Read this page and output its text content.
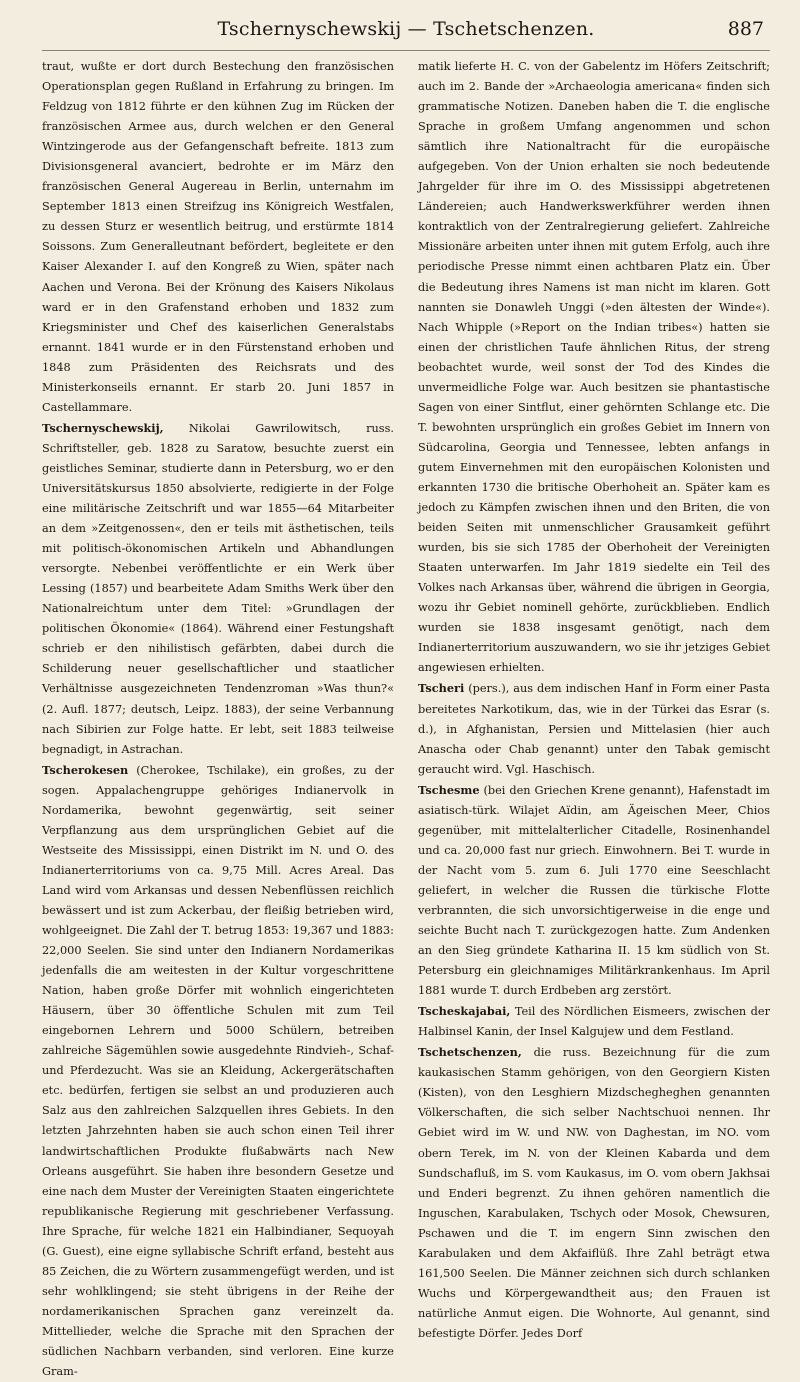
Tschernyschewskij — Tschetschenzen.	887

traut, wußte er dort durch Bestechung den französischen Operationsplan gegen Rußland in Erfahrung zu bringen. Im Feldzug von 1812 führte er den kühnen Zug im Rücken der französischen Armee aus, durch welchen er den General Wintzingerode aus der Gefangenschaft befreite. 1813 zum Divisionsgeneral avanciert, bedrohte er im März den französischen General Augereau in Berlin, unternahm im September 1813 einen Streifzug ins Königreich Westfalen, zu dessen Sturz er wesentlich beitrug, und erstürmte 1814 Soissons. Zum Generalleutnant befördert, begleitete er den Kaiser Alexander I. auf den Kongreß zu Wien, später nach Aachen und Verona. Bei der Krönung des Kaisers Nikolaus ward er in den Grafenstand erhoben und 1832 zum Kriegsminister und Chef des kaiserlichen Generalstabs ernannt. 1841 wurde er in den Fürstenstand erhoben und 1848 zum Präsidenten des Reichsrats und des Ministerkonseils ernannt. Er starb 20. Juni 1857 in Castellammare.

Tschernyschewskij, Nikolai Gawrilowitsch, russ. Schriftsteller, geb. 1828 zu Saratow, besuchte zuerst ein geistliches Seminar, studierte dann in Petersburg, wo er den Universitätskursus 1850 absolvierte, redigierte in der Folge eine militärische Zeitschrift und war 1855—64 Mitarbeiter an dem »Zeitgenossen«, den er teils mit ästhetischen, teils mit politisch-ökonomischen Artikeln und Abhandlungen versorgte. Nebenbei veröffentlichte er ein Werk über Lessing (1857) und bearbeitete Adam Smiths Werk über den Nationalreichtum unter dem Titel: »Grundlagen der politischen Ökonomie« (1864). Während einer Festungshaft schrieb er den nihilistisch gefärbten, dabei durch die Schilderung neuer gesellschaftlicher und staatlicher Verhältnisse ausgezeichneten Tendenzroman »Was thun?« (2. Aufl. 1877; deutsch, Leipz. 1883), der seine Verbannung nach Sibirien zur Folge hatte. Er lebt, seit 1883 teilweise begnadigt, in Astrachan.

Tscherokesen (Cherokee, Tschilake), ein großes, zu der sogen. Appalachengruppe gehöriges Indianervolk in Nordamerika, bewohnt gegenwärtig, seit seiner Verpflanzung aus dem ursprünglichen Gebiet auf die Westseite des Mississippi, einen Distrikt im N. und O. des Indianerterritoriums von ca. 9,75 Mill. Acres Areal. Das Land wird vom Arkansas und dessen Nebenflüssen reichlich bewässert und ist zum Ackerbau, der fleißig betrieben wird, wohlgeeignet. Die Zahl der T. betrug 1853: 19,367 und 1883: 22,000 Seelen. Sie sind unter den Indianern Nordamerikas jedenfalls die am weitesten in der Kultur vorgeschrittene Nation, haben große Dörfer mit wohnlich eingerichteten Häusern, über 30 öffentliche Schulen mit zum Teil eingebornen Lehrern und 5000 Schülern, betreiben zahlreiche Sägemühlen sowie ausgedehnte Rindvieh-, Schaf- und Pferdezucht. Was sie an Kleidung, Ackergerätschaften etc. bedürfen, fertigen sie selbst an und produzieren auch Salz aus den zahlreichen Salzquellen ihres Gebiets. In den letzten Jahrzehnten haben sie auch schon einen Teil ihrer landwirtschaftlichen Produkte flußabwärts nach New Orleans ausgeführt. Sie haben ihre besondern Gesetze und eine nach dem Muster der Vereinigten Staaten eingerichtete republikanische Regierung mit geschriebener Verfassung. Ihre Sprache, für welche 1821 ein Halbindianer, Sequoyah (G. Guest), eine eigne syllabische Schrift erfand, besteht aus 85 Zeichen, die zu Wörtern zusammengefügt werden, und ist sehr wohlklingend; sie steht übrigens in der Reihe der nordamerikanischen Sprachen ganz vereinzelt da. Mittellieder, welche die Sprache mit den Sprachen der südlichen Nachbarn verbanden, sind verloren. Eine kurze Gram-

matik lieferte H. C. von der Gabelentz im Höfers Zeitschrift; auch im 2. Bande der »Archaeologia americana« finden sich grammatische Notizen. Daneben haben die T. die englische Sprache in großem Umfang angenommen und schon sämtlich ihre Nationaltracht für die europäische aufgegeben. Von der Union erhalten sie noch bedeutende Jahrgelder für ihre im O. des Mississippi abgetretenen Ländereien; auch Handwerkswerkführer werden ihnen kontraktlich von der Zentralregierung geliefert. Zahlreiche Missionäre arbeiten unter ihnen mit gutem Erfolg, auch ihre periodische Presse nimmt einen achtbaren Platz ein. Über die Bedeutung ihres Namens ist man nicht im klaren. Gott nannten sie Donawleh Unggi (»den ältesten der Winde«). Nach Whipple (»Report on the Indian tribes«) hatten sie einen der christlichen Taufe ähnlichen Ritus, der streng beobachtet wurde, weil sonst der Tod des Kindes die unvermeidliche Folge war. Auch besitzen sie phantastische Sagen von einer Sintflut, einer gehörnten Schlange etc. Die T. bewohnten ursprünglich ein großes Gebiet im Innern von Südcarolina, Georgia und Tennessee, lebten anfangs in gutem Einvernehmen mit den europäischen Kolonisten und erkannten 1730 die britische Oberhoheit an. Später kam es jedoch zu Kämpfen zwischen ihnen und den Briten, die von beiden Seiten mit unmenschlicher Grausamkeit geführt wurden, bis sie sich 1785 der Oberhoheit der Vereinigten Staaten unterwarfen. Im Jahr 1819 siedelte ein Teil des Volkes nach Arkansas über, während die übrigen in Georgia, wozu ihr Gebiet nominell gehörte, zurückblieben. Endlich wurden sie 1838 insgesamt genötigt, nach dem Indianerterritorium auszuwandern, wo sie ihr jetziges Gebiet angewiesen erhielten.

Tscheri (pers.), aus dem indischen Hanf in Form einer Pasta bereitetes Narkotikum, das, wie in der Türkei das Esrar (s. d.), in Afghanistan, Persien und Mittelasien (hier auch Anascha oder Chab genannt) unter den Tabak gemischt geraucht wird. Vgl. Haschisch.

Tschesme (bei den Griechen Krene genannt), Hafenstadt im asiatisch-türk. Wilajet Aïdin, am Ägeischen Meer, Chios gegenüber, mit mittelalterlicher Citadelle, Rosinenhandel und ca. 20,000 fast nur griech. Einwohnern. Bei T. wurde in der Nacht vom 5. zum 6. Juli 1770 eine Seeschlacht geliefert, in welcher die Russen die türkische Flotte verbrannten, die sich unvorsichtigerweise in die enge und seichte Bucht nach T. zurückgezogen hatte. Zum Andenken an den Sieg gründete Katharina II. 15 km südlich von St. Petersburg ein gleichnamiges Militärkrankenhaus. Im April 1881 wurde T. durch Erdbeben arg zerstört.

Tscheskajabai, Teil des Nördlichen Eismeers, zwischen der Halbinsel Kanin, der Insel Kalgujew und dem Festland.

Tschetschenzen, die russ. Bezeichnung für die zum kaukasischen Stamm gehörigen, von den Georgiern Kisten (Kisten), von den Lesghiern Mizdschegheghen genannten Völkerschaften, die sich selber Nachtschuoi nennen. Ihr Gebiet wird im W. und NW. von Daghestan, im NO. vom obern Terek, im N. von der Kleinen Kabarda und dem Sundschafluß, im S. vom Kaukasus, im O. vom obern Jakhsai und Enderi begrenzt. Zu ihnen gehören namentlich die Inguschen, Karabulaken, Tschych oder Mosok, Chewsuren, Pschawen und die T. im engern Sinn zwischen den Karabulaken und dem Akfaiflüß. Ihre Zahl beträgt etwa 161,500 Seelen. Die Männer zeichnen sich durch schlanken Wuchs und Körpergewandtheit aus; den Frauen ist natürliche Anmut eigen. Die Wohnorte, Aul genannt, sind befestigte Dörfer. Jedes Dorf
